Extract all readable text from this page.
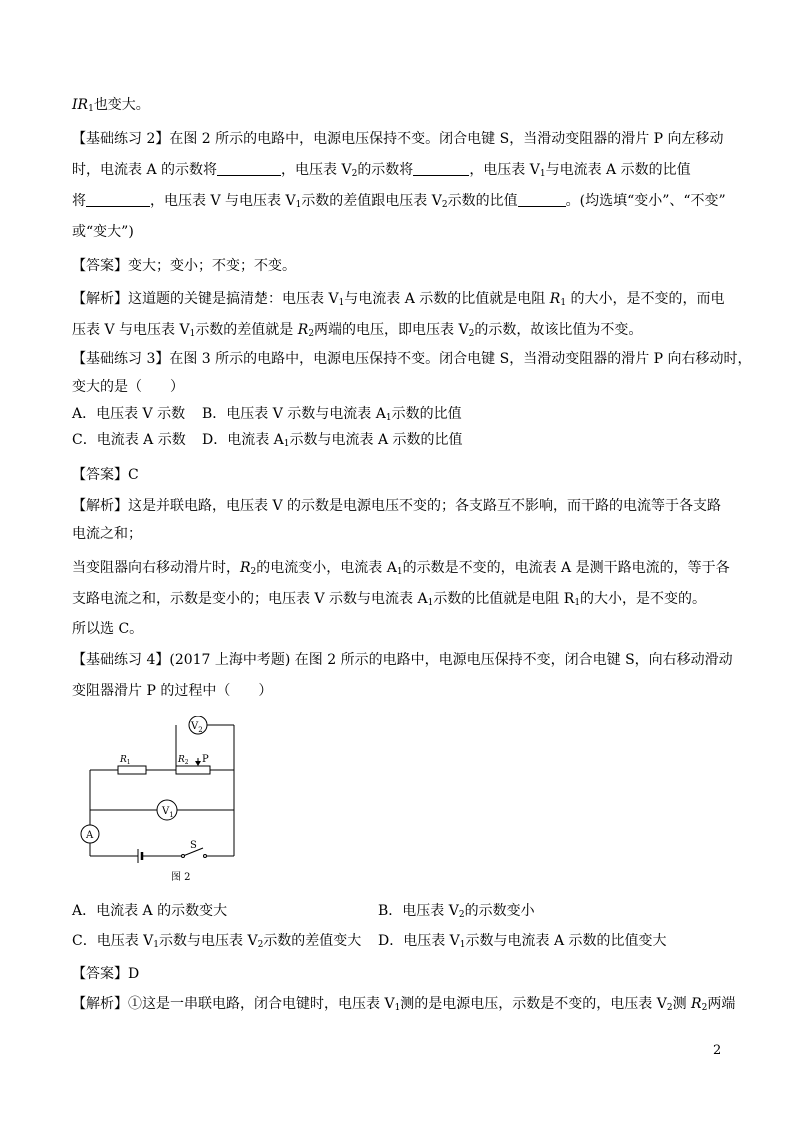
$IR_1$也变大。
【基础练习 2】在图 2 所示的电路中，电源电压保持不变。闭合电键 S，当滑动变阻器的滑片 P 向左移动
时，电流表 A 的示数将	，电压表 $V_2$的示数将	，电压表 $V_1$与电流表 A 示数的比值
将	，电压表 V 与电压表 $V_1$示数的差值跟电压表 $V_2$示数的比值	。(均选填“变小”、“不变”
或“变大”)
【答案】变大；变小；不变；不变。
【解析】这道题的关键是搞清楚：电压表 $V_1$与电流表 A 示数的比值就是电阻 $R_1$ 的大小，是不变的，而电
压表 V 与电压表 $V_1$示数的差值就是 $R_2$两端的电压，即电压表 $V_2$的示数，故该比值为不变。
【基础练习 3】在图 3 所示的电路中，电源电压保持不变。闭合电键 S，当滑动变阻器的滑片 P 向右移动时，
变大的是（　　）
A．电压表 V 示数 B．电压表 V 示数与电流表 $A_1$示数的比值
C．电流表 A 示数 D．电流表 $A_1$示数与电流表 A 示数的比值
【答案】C
【解析】这是并联电路，电压表 V 的示数是电源电压不变的；各支路互不影响，而干路的电流等于各支路
电流之和；
当变阻器向右移动滑片时，$R_2$的电流变小，电流表 $A_1$的示数是不变的，电流表 A 是测干路电流的，等于各
支路电流之和，示数是变小的；电压表 V 示数与电流表 $A_1$示数的比值就是电阻 $R_1$的大小，是不变的。
所以选 C。
【基础练习 4】(2017 上海中考题) 在图 2 所示的电路中，电源电压保持不变，闭合电键 S，向右移动滑动
变阻器滑片 P 的过程中（　　）
$V_2$
$V_1$
A
$R_1$	$R_2$ P
S
图 2
A．电流表 A 的示数变大	B．电压表 $V_2$的示数变小
C．电压表 $V_1$示数与电压表 $V_2$示数的差值变大 D．电压表 $V_1$示数与电流表 A 示数的比值变大
【答案】D
【解析】①这是一串联电路，闭合电键时，电压表 $V_1$测的是电源电压，示数是不变的，电压表 $V_2$测 $R_2$两端
2
